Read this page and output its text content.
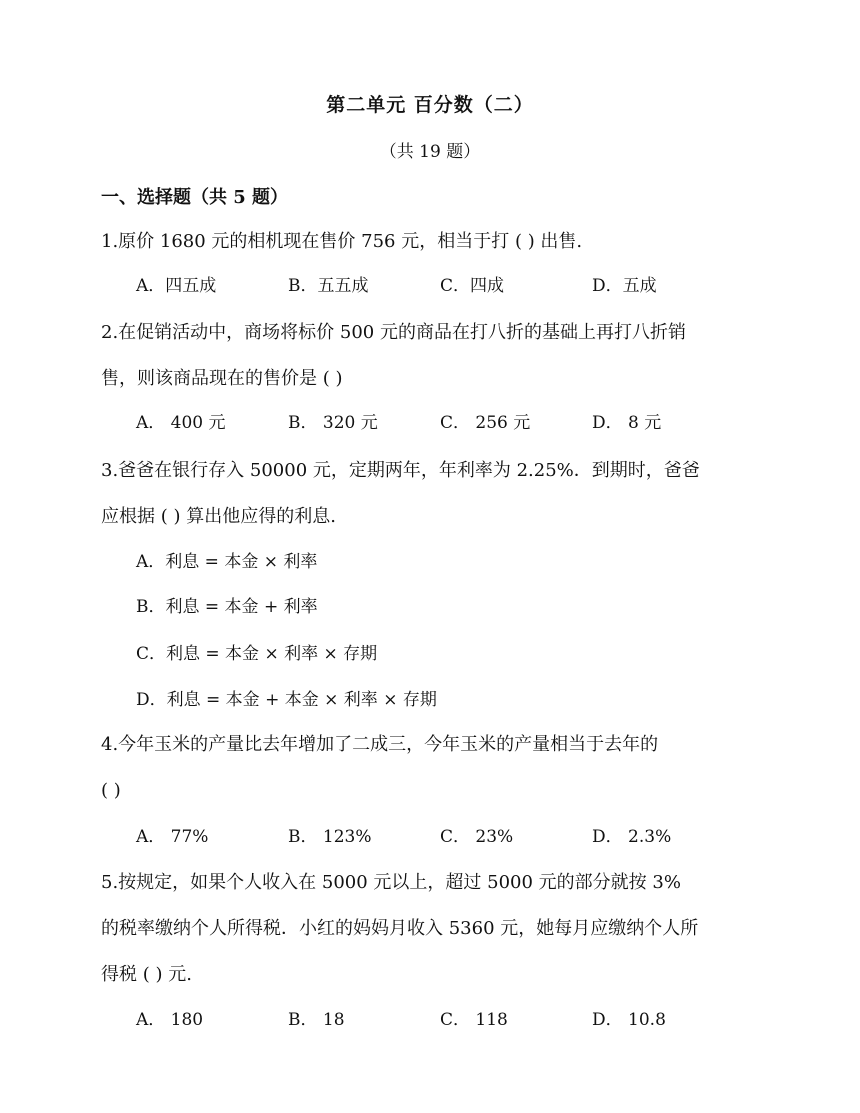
第二单元 百分数（二）
（共 19 题）
一、选择题（共 5 题）
1.原价 1680 元的相机现在售价 756 元，相当于打 ( ) 出售.
A．四五成	B．五五成	C．四成	D．五成
2.在促销活动中，商场将标价 500 元的商品在打八折的基础上再打八折销
售，则该商品现在的售价是 ( )
A． 400 元	B． 320 元	C． 256 元	D． 8 元
3.爸爸在银行存入 50000 元，定期两年，年利率为 2.25%．到期时，爸爸
应根据 ( ) 算出他应得的利息.
A．利息 = 本金 × 利率
B．利息 = 本金 + 利率
C．利息 = 本金 × 利率 × 存期
D．利息 = 本金 + 本金 × 利率 × 存期
4.今年玉米的产量比去年增加了二成三，今年玉米的产量相当于去年的
( )
A． 77%	B． 123%	C． 23%	D． 2.3%
5.按规定，如果个人收入在 5000 元以上，超过 5000 元的部分就按 3%
的税率缴纳个人所得税．小红的妈妈月收入 5360 元，她每月应缴纳个人所
得税 ( ) 元.
A． 180	B． 18	C． 118	D． 10.8
